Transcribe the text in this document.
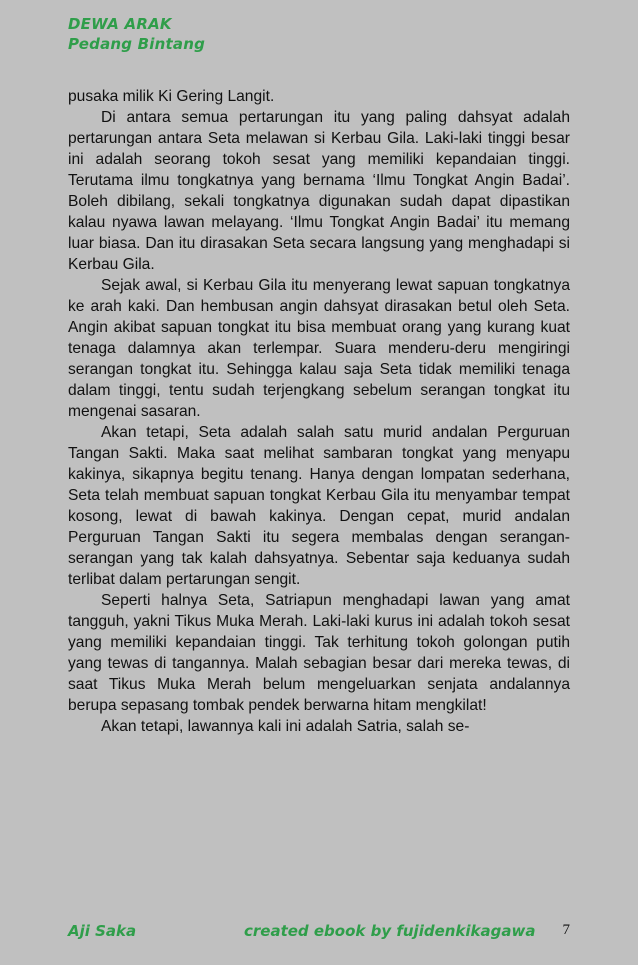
DEWA ARAK
Pedang Bintang

pusaka milik Ki Gering Langit.

Di antara semua pertarungan itu yang paling dahsyat adalah pertarungan antara Seta melawan si Kerbau Gila. Laki-laki tinggi besar ini adalah seorang tokoh sesat yang memiliki kepandaian tinggi. Terutama ilmu tongkatnya yang bernama ‘Ilmu Tongkat Angin Badai’. Boleh dibilang, sekali tongkatnya digunakan sudah dapat dipastikan kalau nyawa lawan melayang. ‘Ilmu Tongkat Angin Badai’ itu memang luar biasa. Dan itu dirasakan Seta secara langsung yang menghadapi si Kerbau Gila.

Sejak awal, si Kerbau Gila itu menyerang lewat sapuan tongkatnya ke arah kaki. Dan hembusan angin dahsyat dirasakan betul oleh Seta. Angin akibat sapuan tongkat itu bisa membuat orang yang kurang kuat tenaga dalamnya akan terlempar. Suara menderu-deru mengiringi serangan tongkat itu. Sehingga kalau saja Seta tidak memiliki tenaga dalam tinggi, tentu sudah terjengkang sebelum serangan tongkat itu mengenai sasaran.

Akan tetapi, Seta adalah salah satu murid andalan Perguruan Tangan Sakti. Maka saat melihat sambaran tongkat yang menyapu kakinya, sikapnya begitu tenang. Hanya dengan lompatan sederhana, Seta telah membuat sapuan tongkat Kerbau Gila itu menyambar tempat kosong, lewat di bawah kakinya. Dengan cepat, murid andalan Perguruan Tangan Sakti itu segera membalas dengan serangan-serangan yang tak kalah dahsyatnya. Sebentar saja keduanya sudah terlibat dalam pertarungan sengit.

Seperti halnya Seta, Satriapun menghadapi lawan yang amat tangguh, yakni Tikus Muka Merah. Laki-laki kurus ini adalah tokoh sesat yang memiliki kepandaian tinggi. Tak terhitung tokoh golongan putih yang tewas di tangannya. Malah sebagian besar dari mereka tewas, di saat Tikus Muka Merah belum mengeluarkan senjata andalannya berupa sepasang tombak pendek berwarna hitam mengkilat!

Akan tetapi, lawannya kali ini adalah Satria, salah se-

Aji Saka	created ebook by fujidenkikagawa 7
